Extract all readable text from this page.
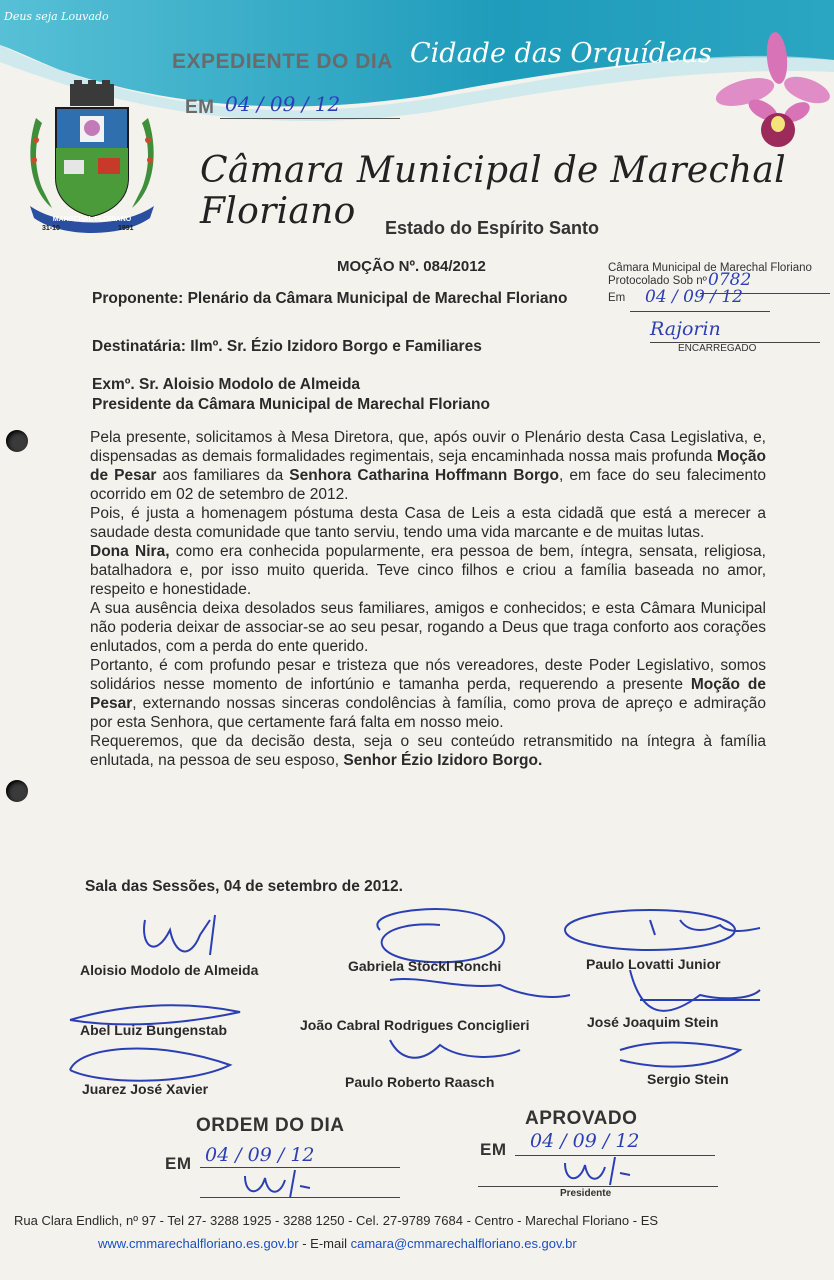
Deus seja Louvado
MARECHAL FLORIANO
31-10	1991
EXPEDIENTE DO DIA
EM 04 / 09 / 12
Cidade das Orquídeas
Câmara Municipal de Marechal Floriano	Estado do Espírito Santo
Câmara Municipal de Marechal Floriano
Protocolado Sob nº 0782
Em 04 / 09 / 12
Rajorin
ENCARREGADO
MOÇÃO Nº. 084/2012
Proponente: Plenário da Câmara Municipal de Marechal Floriano
Destinatária: Ilmº. Sr. Ézio Izidoro Borgo e Familiares
Exmº. Sr. Aloisio Modolo de Almeida
Presidente da Câmara Municipal de Marechal Floriano

Pela presente, solicitamos à Mesa Diretora, que, após ouvir o Plenário desta Casa Legislativa, e, dispensadas as demais formalidades regimentais, seja encaminhada nossa mais profunda Moção de Pesar aos familiares da Senhora Catharina Hoffmann Borgo, em face do seu falecimento ocorrido em 02 de setembro de 2012.

Pois, é justa a homenagem póstuma desta Casa de Leis a esta cidadã que está a merecer a saudade desta comunidade que tanto serviu, tendo uma vida marcante e de muitas lutas.

Dona Nira, como era conhecida popularmente, era pessoa de bem, íntegra, sensata, religiosa, batalhadora e, por isso muito querida. Teve cinco filhos e criou a família baseada no amor, respeito e honestidade.

A sua ausência deixa desolados seus familiares, amigos e conhecidos; e esta Câmara Municipal não poderia deixar de associar-se ao seu pesar, rogando a Deus que traga conforto aos corações enlutados, com a perda do ente querido.

Portanto, é com profundo pesar e tristeza que nós vereadores, deste Poder Legislativo, somos solidários nesse momento de infortúnio e tamanha perda, requerendo a presente Moção de Pesar, externando nossas sinceras condolências à família, como prova de apreço e admiração por esta Senhora, que certamente fará falta em nosso meio.

Requeremos, que da decisão desta, seja o seu conteúdo retransmitido na íntegra à família enlutada, na pessoa de seu esposo, Senhor Ézio Izidoro Borgo.

Sala das Sessões, 04 de setembro de 2012.
Aloisio Modolo de Almeida	Gabriela Stöckl Ronchi	Paulo Lovatti Junior
Abel Luiz Bungenstab	João Cabral Rodrigues Conciglieri	José Joaquim Stein
Juarez José Xavier	Paulo Roberto Raasch	Sergio Stein
ORDEM DO DIA
EM 04 / 09 / 12
APROVADO
EM 04 / 09 / 12
Presidente
Rua Clara Endlich, nº 97 - Tel 27- 3288 1925 - 3288 1250 - Cel. 27-9789 7684 - Centro - Marechal Floriano - ES
www.cmmarechalfloriano.es.gov.br - E-mail camara@cmmarechalfloriano.es.gov.br
